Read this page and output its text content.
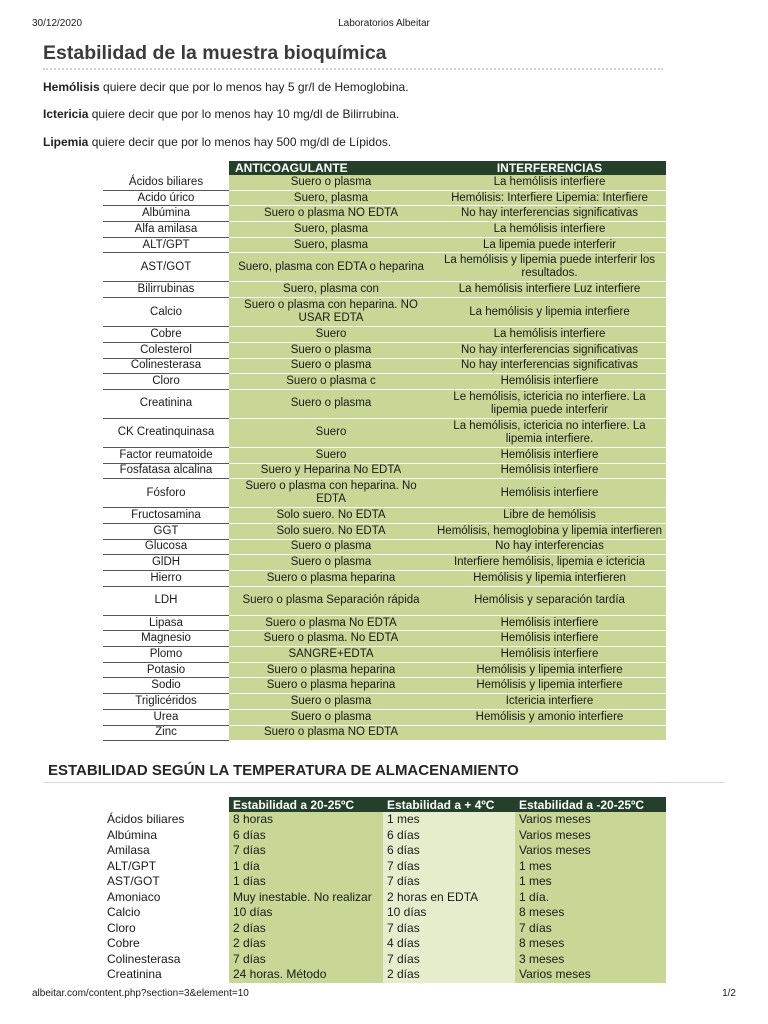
30/12/2020	Laboratorios Albeitar
Estabilidad de la muestra bioquímica
Hemólisis quiere decir que por lo menos hay 5 gr/l de Hemoglobina.
Ictericia quiere decir que por lo menos hay 10 mg/dl de Bilirrubina.
Lipemia quiere decir que por lo menos hay 500 mg/dl de Lípidos.
	ANTICOAGULANTE	INTERFERENCIAS
Ácidos biliares	Suero o plasma	La hemólisis interfiere
Acido úrico	Suero, plasma	Hemólisis: Interfiere Lipemia: Interfiere
Albúmina	Suero o plasma NO EDTA	No hay interferencias significativas
Alfa amilasa	Suero, plasma	La hemólisis interfiere
ALT/GPT	Suero, plasma	La lipemia puede interferir
AST/GOT	Suero, plasma con EDTA o heparina	La hemólisis y lipemia puede interferir los resultados.
Bilirrubinas	Suero, plasma con	La hemólisis interfiere Luz interfiere
Calcio	Suero o plasma con heparina. NO USAR EDTA	La hemólisis y lipemia interfiere
Cobre	Suero	La hemólisis interfiere
Colesterol	Suero o plasma	No hay interferencias significativas
Colinesterasa	Suero o plasma	No hay interferencias significativas
Cloro	Suero o plasma c	Hemólisis interfiere
Creatinina	Suero o plasma	Le hemólisis, ictericia no interfiere. La lipemia puede interferir
CK Creatinquinasa	Suero	La hemólisis, ictericia no interfiere. La lipemia interfiere.
Factor reumatoide	Suero	Hemólisis interfiere
Fosfatasa alcalina	Suero y Heparina No EDTA	Hemólisis interfiere
Fósforo	Suero o plasma con heparina. No EDTA	Hemólisis interfiere
Fructosamina	Solo suero. No EDTA	Libre de hemólisis
GGT	Solo suero. No EDTA	Hemólisis, hemoglobina y lipemia interfieren
Glucosa	Suero o plasma	No hay interferencias
GlDH	Suero o plasma	Interfiere hemólisis, lipemia e ictericia
Hierro	Suero o plasma heparina	Hemólisis y lipemia interfieren
LDH	Suero o plasma Separación rápida	Hemólisis y separación tardía
Lipasa	Suero o plasma No EDTA	Hemólisis interfiere
Magnesio	Suero o plasma. No EDTA	Hemólisis interfiere
Plomo	SANGRE+EDTA	Hemólisis interfiere
Potasio	Suero o plasma heparina	Hemólisis y lipemia interfiere
Sodio	Suero o plasma heparina	Hemólisis y lipemia interfiere
Triglicéridos	Suero o plasma	Ictericia interfiere
Urea	Suero o plasma	Hemólisis y amonio interfiere
Zinc	Suero o plasma NO EDTA	
ESTABILIDAD SEGÚN LA TEMPERATURA DE ALMACENAMIENTO
	Estabilidad a 20-25ºC	Estabilidad a + 4ºC	Estabilidad a -20-25ºC
Ácidos biliares	8 horas	1 mes	Varios meses
Albúmina	6 días	6 días	Varios meses
Amilasa	7 días	6 días	Varios meses
ALT/GPT	1 día	7 días	1 mes
AST/GOT	1 días	7 días	1 mes
Amoniaco	Muy inestable. No realizar	2 horas en EDTA	1 día.
Calcio	10 días	10 días	8 meses
Cloro	2 días	7 días	7 días
Cobre	2 días	4 días	8 meses
Colinesterasa	7 días	7 días	3 meses
Creatinina	24 horas. Método	2 días	Varios meses
albeitar.com/content.php?section=3&element=10	1/2
